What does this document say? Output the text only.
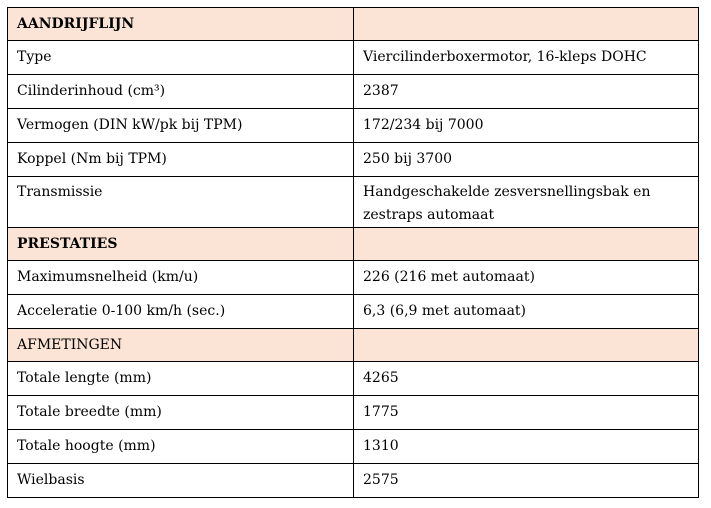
AANDRIJFLIJN	
Type	Viercilinderboxermotor, 16-kleps DOHC
Cilinderinhoud (cm³)	2387
Vermogen (DIN kW/pk bij TPM)	172/234 bij 7000
Koppel (Nm bij TPM)	250 bij 3700
Transmissie	Handgeschakelde zesversnellingsbak en zestraps automaat
PRESTATIES	
Maximumsnelheid (km/u)	226 (216 met automaat)
Acceleratie 0-100 km/h (sec.)	6,3 (6,9 met automaat)
AFMETINGEN	
Totale lengte (mm)	4265
Totale breedte (mm)	1775
Totale hoogte (mm)	1310
Wielbasis	2575
